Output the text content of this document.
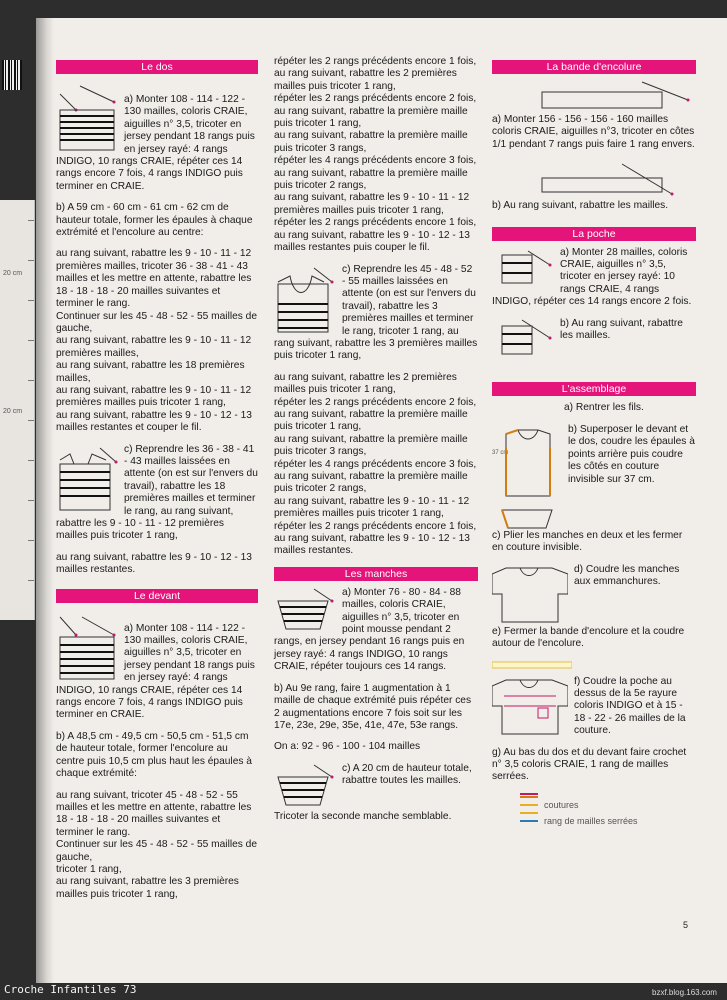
20 cm
20 cm
Le dos

a) Monter 108 - 114 - 122 - 130 mailles, coloris CRAIE, aiguilles n° 3,5, tricoter en jersey pendant 18 rangs puis en jersey rayé: 4 rangs INDIGO, 10 rangs CRAIE, répéter ces 14 rangs encore 7 fois, 4 rangs INDIGO puis terminer en CRAIE.

b) A 59 cm - 60 cm - 61 cm - 62 cm de hauteur totale, former les épaules à chaque extrémité et l'encolure au centre:

au rang suivant, rabattre les 9 - 10 - 11 - 12 premières mailles, tricoter 36 - 38 - 41 - 43 mailles et les mettre en attente, rabattre les 18 - 18 - 18 - 20 mailles suivantes et terminer le rang.
Continuer sur les 45 - 48 - 52 - 55 mailles de gauche,
au rang suivant, rabattre les 9 - 10 - 11 - 12 premières mailles,
au rang suivant, rabattre les 18 premières mailles,
au rang suivant, rabattre les 9 - 10 - 11 - 12 premières mailles puis tricoter 1 rang,
au rang suivant, rabattre les 9 - 10 - 12 - 13 mailles restantes et couper le fil.

c) Reprendre les 36 - 38 - 41 - 43 mailles laissées en attente (on est sur l'envers du travail), rabattre les 18 premières mailles et terminer le rang, au rang suivant, rabattre les 9 - 10 - 11 - 12 premières mailles puis tricoter 1 rang,

au rang suivant, rabattre les 9 - 10 - 12 - 13 mailles restantes.

Le devant

a) Monter 108 - 114 - 122 - 130 mailles, coloris CRAIE, aiguilles n° 3,5, tricoter en jersey pendant 18 rangs puis en jersey rayé: 4 rangs INDIGO, 10 rangs CRAIE, répéter ces 14 rangs encore 7 fois, 4 rangs INDIGO puis terminer en CRAIE.

b) A 48,5 cm - 49,5 cm - 50,5 cm - 51,5 cm de hauteur totale, former l'encolure au centre puis 10,5 cm plus haut les épaules à chaque extrémité:

au rang suivant, tricoter 45 - 48 - 52 - 55 mailles et les mettre en attente, rabattre les 18 - 18 - 18 - 20 mailles suivantes et terminer le rang.
Continuer sur les 45 - 48 - 52 - 55 mailles de gauche,
tricoter 1 rang,
au rang suivant, rabattre les 3 premières mailles puis tricoter 1 rang,

répéter les 2 rangs précédents encore 1 fois,
au rang suivant, rabattre les 2 premières mailles puis tricoter 1 rang,
répéter les 2 rangs précédents encore 2 fois,
au rang suivant, rabattre la première maille puis tricoter 1 rang,
au rang suivant, rabattre la première maille puis tricoter 3 rangs,
répéter les 4 rangs précédents encore 3 fois,
au rang suivant, rabattre la première maille puis tricoter 2 rangs,
au rang suivant, rabattre les 9 - 10 - 11 - 12 premières mailles puis tricoter 1 rang,
répéter les 2 rangs précédents encore 1 fois,
au rang suivant, rabattre les 9 - 10 - 12 - 13 mailles restantes puis couper le fil.

c) Reprendre les 45 - 48 - 52 - 55 mailles laissées en attente (on est sur l'envers du travail), rabattre les 3 premières mailles et terminer le rang, tricoter 1 rang, au rang suivant, rabattre les 3 premières mailles puis tricoter 1 rang,

au rang suivant, rabattre les 2 premières mailles puis tricoter 1 rang,
répéter les 2 rangs précédents encore 2 fois,
au rang suivant, rabattre la première maille puis tricoter 1 rang,
au rang suivant, rabattre la première maille puis tricoter 3 rangs,
répéter les 4 rangs précédents encore 3 fois,
au rang suivant, rabattre la première maille puis tricoter 2 rangs,
au rang suivant, rabattre les 9 - 10 - 11 - 12 premières mailles puis tricoter 1 rang,
répéter les 2 rangs précédents encore 1 fois,
au rang suivant, rabattre les 9 - 10 - 12 - 13 mailles restantes.

Les manches

a) Monter 76 - 80 - 84 - 88 mailles, coloris CRAIE, aiguilles n° 3,5, tricoter en point mousse pendant 2 rangs, en jersey pendant 16 rangs puis en jersey rayé: 4 rangs INDIGO, 10 rangs CRAIE, répéter toujours ces 14 rangs.

b) Au 9e rang, faire 1 augmentation à 1 maille de chaque extrémité puis répéter ces 2 augmentations encore 7 fois soit sur les 17e, 23e, 29e, 35e, 41e, 47e, 53e rangs.

On a: 92 - 96 - 100 - 104 mailles

c) A 20 cm de hauteur totale, rabattre toutes les mailles.

Tricoter la seconde manche semblable.

La bande d'encolure

a) Monter 156 - 156 - 156 - 160 mailles coloris CRAIE, aiguilles n°3, tricoter en côtes 1/1 pendant 7 rangs puis faire 1 rang envers.

b) Au rang suivant, rabattre les mailles.

La poche

a) Monter 28 mailles, coloris CRAIE, aiguilles n° 3,5, tricoter en jersey rayé: 10 rangs CRAIE, 4 rangs INDIGO, répéter ces 14 rangs encore 2 fois.

b) Au rang suivant, rabattre les mailles.

L'assemblage

a) Rentrer les fils.

37 cm

b) Superposer le devant et le dos, coudre les épaules à points arrière puis coudre les côtés en couture invisible sur 37 cm.

c) Plier les manches en deux et les fermer en couture invisible.

d) Coudre les manches aux emmanchures.

e) Fermer la bande d'encolure et la coudre autour de l'encolure.

f) Coudre la poche au dessus de la 5e rayure coloris INDIGO et à 15 - 18 - 22 - 26 mailles de la couture.

g) Au bas du dos et du devant faire crochet n° 3,5 coloris CRAIE, 1 rang de mailles serrées.

coutures
rang de mailles serrées
5
Croche Infantiles 73	bzxf.blog.163.com
